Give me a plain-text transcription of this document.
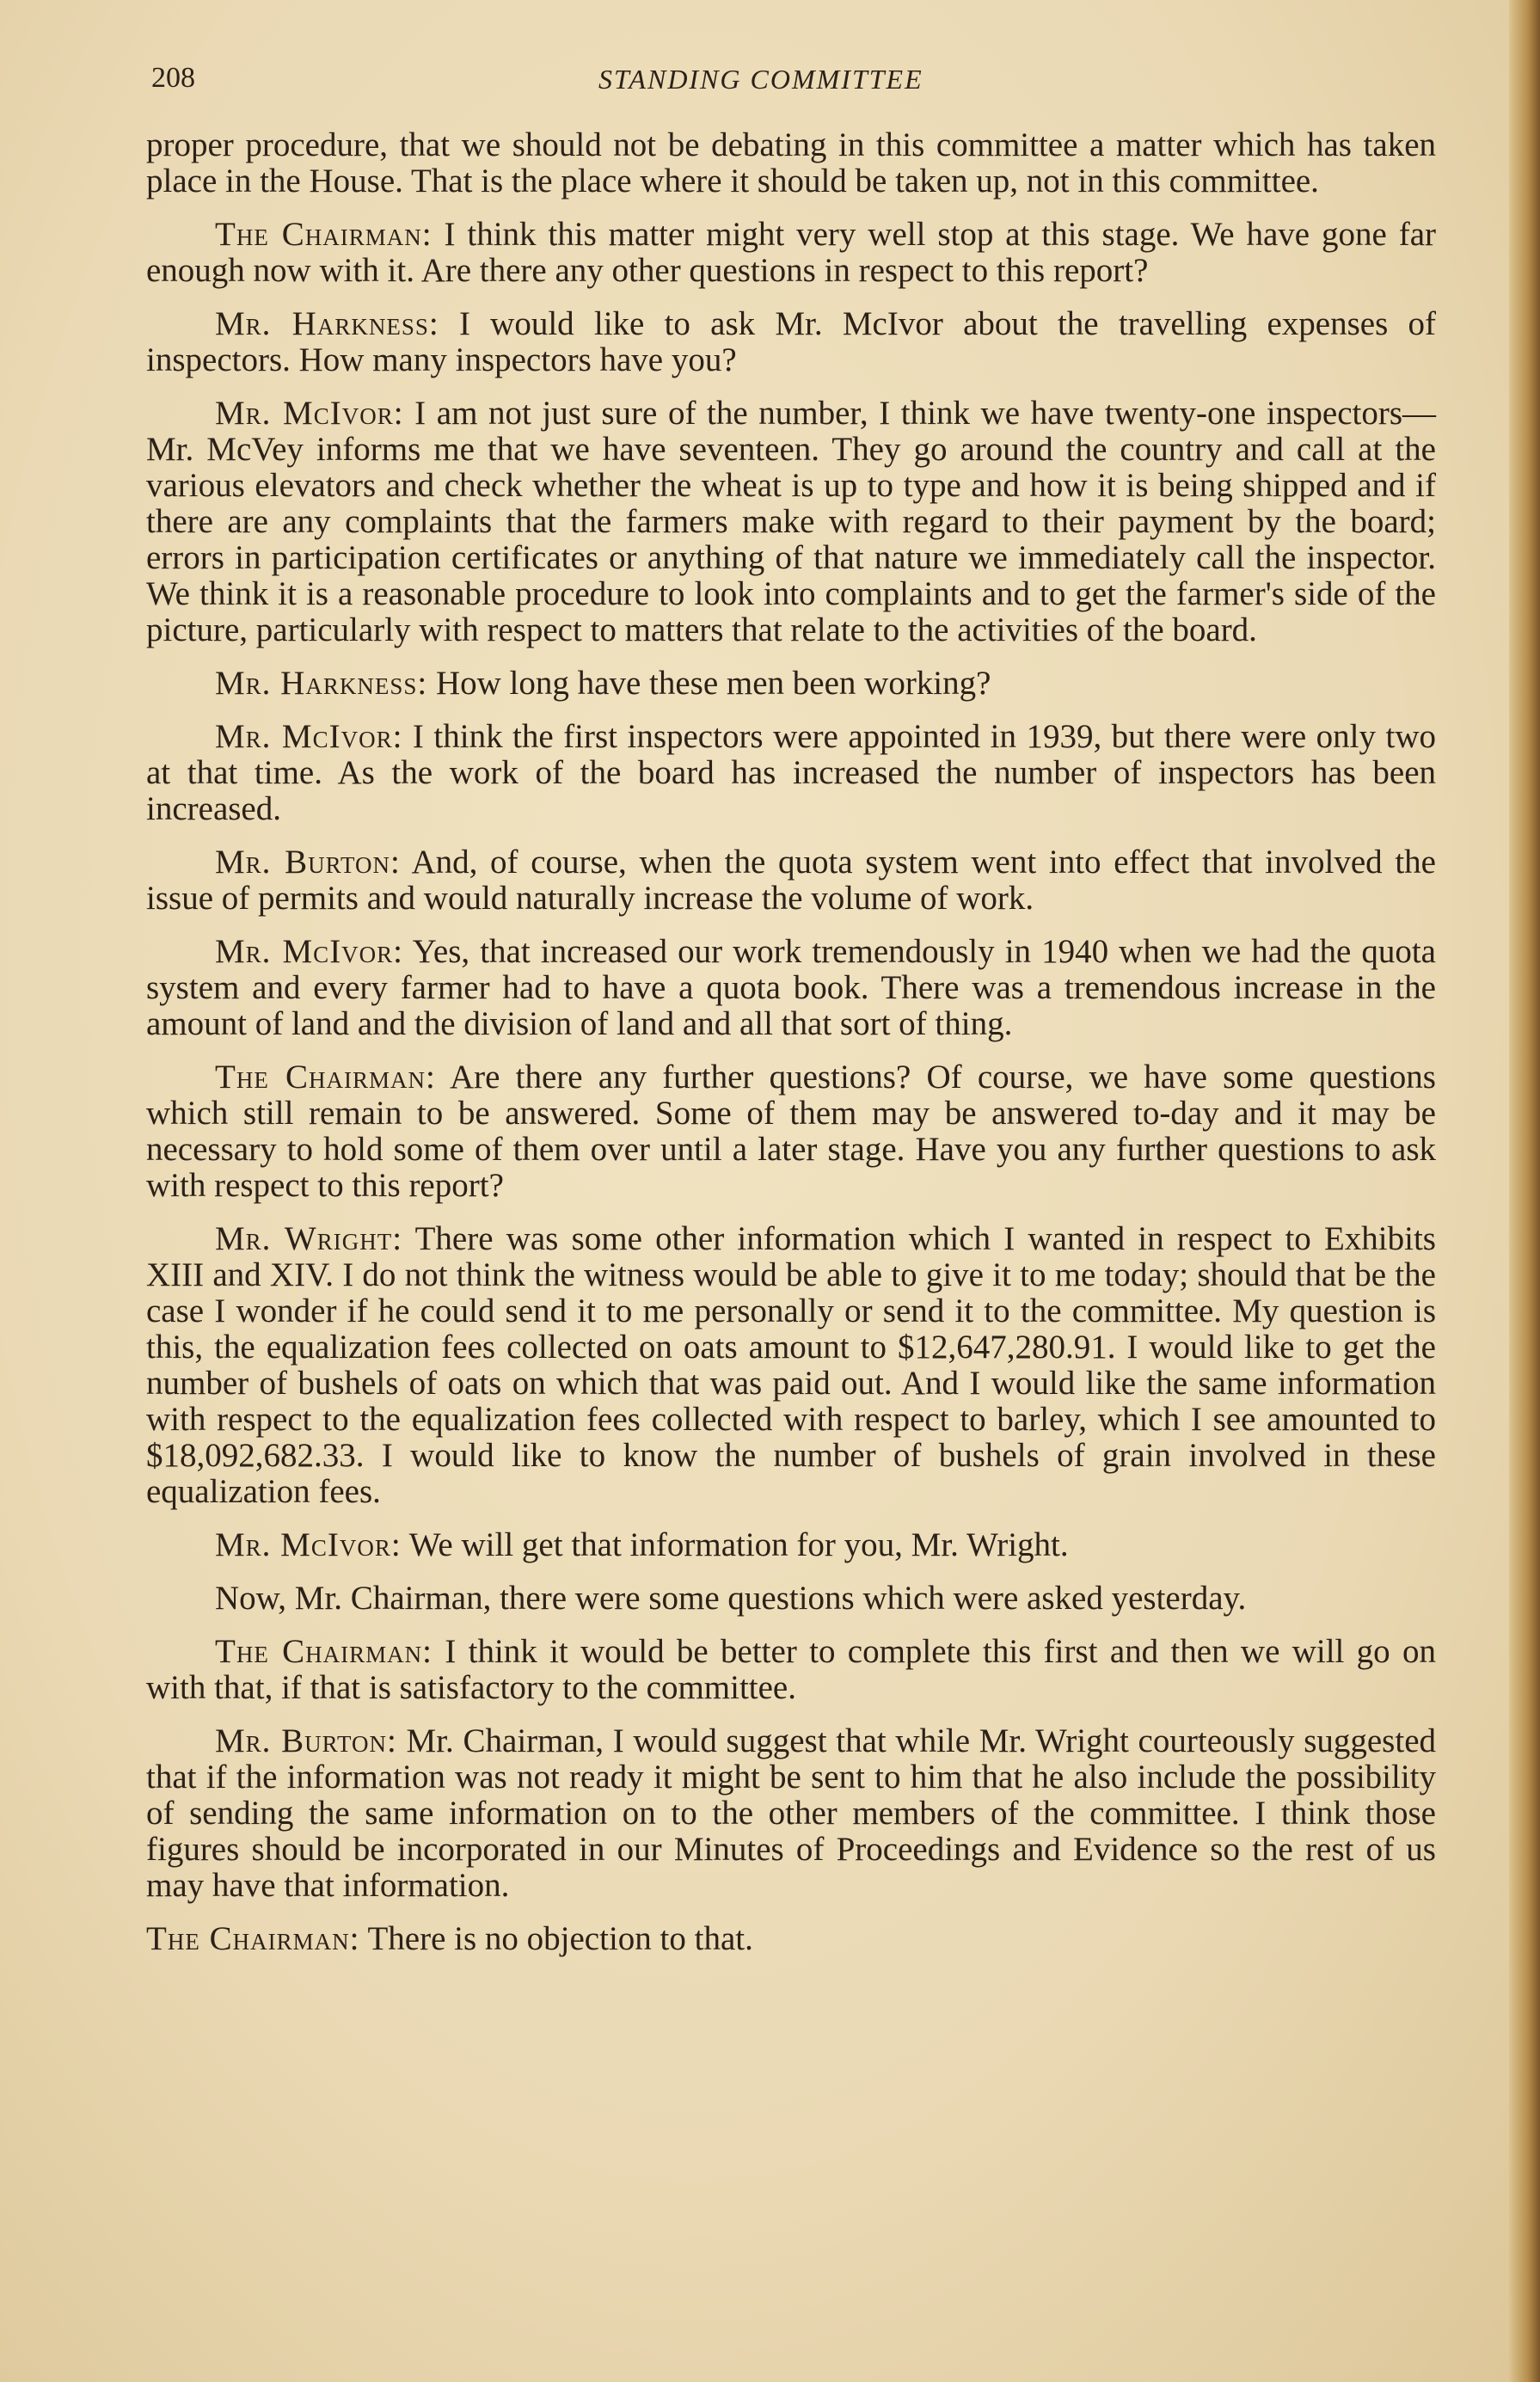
208	STANDING COMMITTEE

proper procedure, that we should not be debating in this committee a matter which has taken place in the House. That is the place where it should be taken up, not in this committee.

The Chairman: I think this matter might very well stop at this stage. We have gone far enough now with it. Are there any other questions in respect to this report?

Mr. Harkness: I would like to ask Mr. McIvor about the travelling expenses of inspectors. How many inspectors have you?

Mr. McIvor: I am not just sure of the number, I think we have twenty-one inspectors—Mr. McVey informs me that we have seventeen. They go around the country and call at the various elevators and check whether the wheat is up to type and how it is being shipped and if there are any complaints that the farmers make with regard to their payment by the board; errors in participation certificates or anything of that nature we immediately call the inspector. We think it is a reasonable procedure to look into complaints and to get the farmer's side of the picture, particularly with respect to matters that relate to the activities of the board.

Mr. Harkness: How long have these men been working?

Mr. McIvor: I think the first inspectors were appointed in 1939, but there were only two at that time. As the work of the board has increased the number of inspectors has been increased.

Mr. Burton: And, of course, when the quota system went into effect that involved the issue of permits and would naturally increase the volume of work.

Mr. McIvor: Yes, that increased our work tremendously in 1940 when we had the quota system and every farmer had to have a quota book. There was a tremendous increase in the amount of land and the division of land and all that sort of thing.

The Chairman: Are there any further questions? Of course, we have some questions which still remain to be answered. Some of them may be answered to-day and it may be necessary to hold some of them over until a later stage. Have you any further questions to ask with respect to this report?

Mr. Wright: There was some other information which I wanted in respect to Exhibits XIII and XIV. I do not think the witness would be able to give it to me today; should that be the case I wonder if he could send it to me personally or send it to the committee. My question is this, the equalization fees collected on oats amount to $12,647,280.91. I would like to get the number of bushels of oats on which that was paid out. And I would like the same information with respect to the equalization fees collected with respect to barley, which I see amounted to $18,092,682.33. I would like to know the number of bushels of grain involved in these equalization fees.

Mr. McIvor: We will get that information for you, Mr. Wright.

Now, Mr. Chairman, there were some questions which were asked yesterday.

The Chairman: I think it would be better to complete this first and then we will go on with that, if that is satisfactory to the committee.

Mr. Burton: Mr. Chairman, I would suggest that while Mr. Wright courteously suggested that if the information was not ready it might be sent to him that he also include the possibility of sending the same information on to the other members of the committee. I think those figures should be incorporated in our Minutes of Proceedings and Evidence so the rest of us may have that information.

The Chairman: There is no objection to that.
